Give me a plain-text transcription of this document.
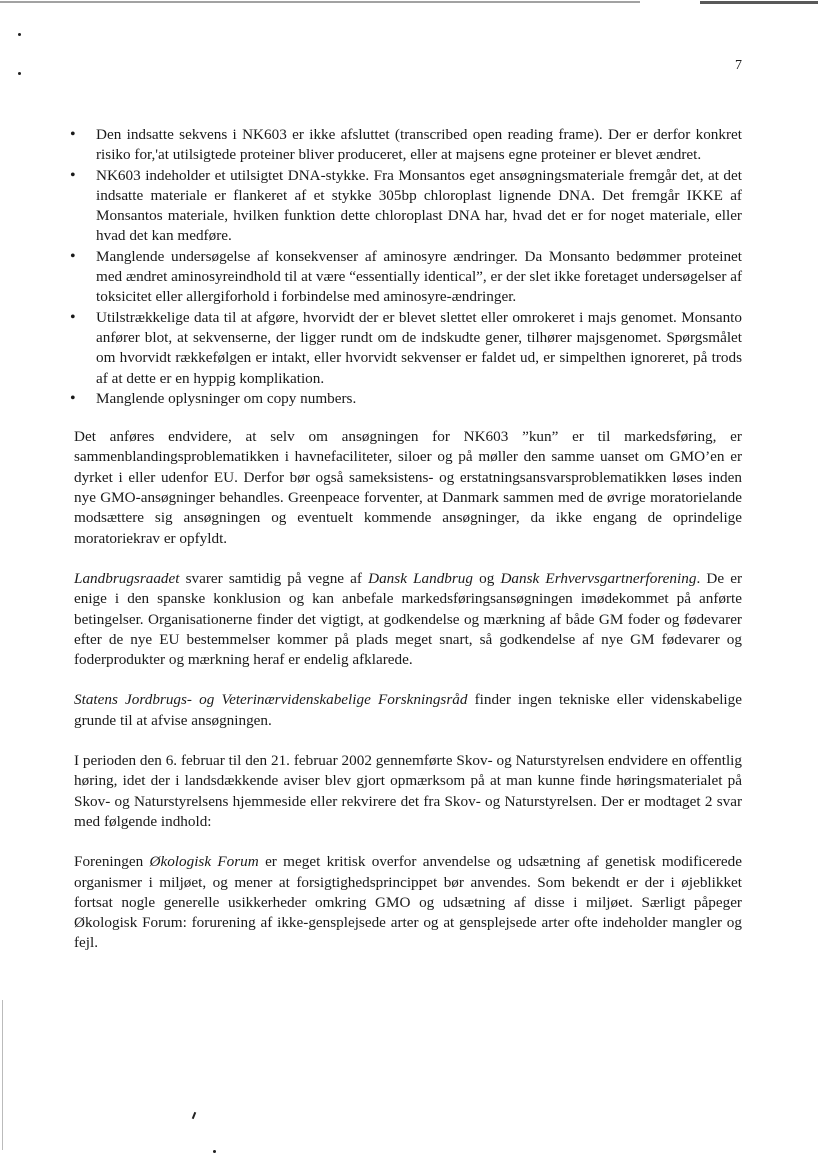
7
• Den indsatte sekvens i NK603 er ikke afsluttet (transcribed open reading frame). Der er derfor konkret risiko for,'at utilsigtede proteiner bliver produceret, eller at majsens egne proteiner er blevet ændret.
• NK603 indeholder et utilsigtet DNA-stykke. Fra Monsantos eget ansøgningsmateriale fremgår det, at det indsatte materiale er flankeret af et stykke 305bp chloroplast lignende DNA. Det fremgår IKKE af Monsantos materiale, hvilken funktion dette chloroplast DNA har, hvad det er for noget materiale, eller hvad det kan medføre.
• Manglende undersøgelse af konsekvenser af aminosyre ændringer. Da Monsanto bedømmer proteinet med ændret aminosyreindhold til at være “essentially identical”, er der slet ikke foretaget undersøgelser af toksicitet eller allergiforhold i forbindelse med aminosyre-ændringer.
• Utilstrækkelige data til at afgøre, hvorvidt der er blevet slettet eller omrokeret i majs genomet. Monsanto anfører blot, at sekvenserne, der ligger rundt om de indskudte gener, tilhører majsgenomet. Spørgsmålet om hvorvidt rækkefølgen er intakt, eller hvorvidt sekvenser er faldet ud, er simpelthen ignoreret, på trods af at dette er en hyppig komplikation.
• Manglende oplysninger om copy numbers.

Det anføres endvidere, at selv om ansøgningen for NK603 ”kun” er til markedsføring, er sammenblandingsproblematikken i havnefaciliteter, siloer og på møller den samme uanset om GMO’en er dyrket i eller udenfor EU. Derfor bør også sameksistens- og erstatningsansvarsproblematikken løses inden nye GMO-ansøgninger behandles. Greenpeace forventer, at Danmark sammen med de øvrige moratorielande modsættere sig ansøgningen og eventuelt kommende ansøgninger, da ikke engang de oprindelige moratoriekrav er opfyldt.

Landbrugsraadet svarer samtidig på vegne af Dansk Landbrug og Dansk Erhvervsgartnerforening. De er enige i den spanske konklusion og kan anbefale markedsføringsansøgningen imødekommet på anførte betingelser. Organisationerne finder det vigtigt, at godkendelse og mærkning af både GM foder og fødevarer efter de nye EU bestemmelser kommer på plads meget snart, så godkendelse af nye GM fødevarer og foderprodukter og mærkning heraf er endelig afklarede.

Statens Jordbrugs- og Veterinærvidenskabelige Forskningsråd finder ingen tekniske eller videnskabelige grunde til at afvise ansøgningen.

I perioden den 6. februar til den 21. februar 2002 gennemførte Skov- og Naturstyrelsen endvidere en offentlig høring, idet der i landsdækkende aviser blev gjort opmærksom på at man kunne finde høringsmaterialet på Skov- og Naturstyrelsens hjemmeside eller rekvirere det fra Skov- og Naturstyrelsen. Der er modtaget 2 svar med følgende indhold:

Foreningen Økologisk Forum er meget kritisk overfor anvendelse og udsætning af genetisk modificerede organismer i miljøet, og mener at forsigtighedsprincippet bør anvendes. Som bekendt er der i øjeblikket fortsat nogle generelle usikkerheder omkring GMO og udsætning af disse i miljøet. Særligt påpeger Økologisk Forum: forurening af ikke-gensplejsede arter og at gensplejsede arter ofte indeholder mangler og fejl.
